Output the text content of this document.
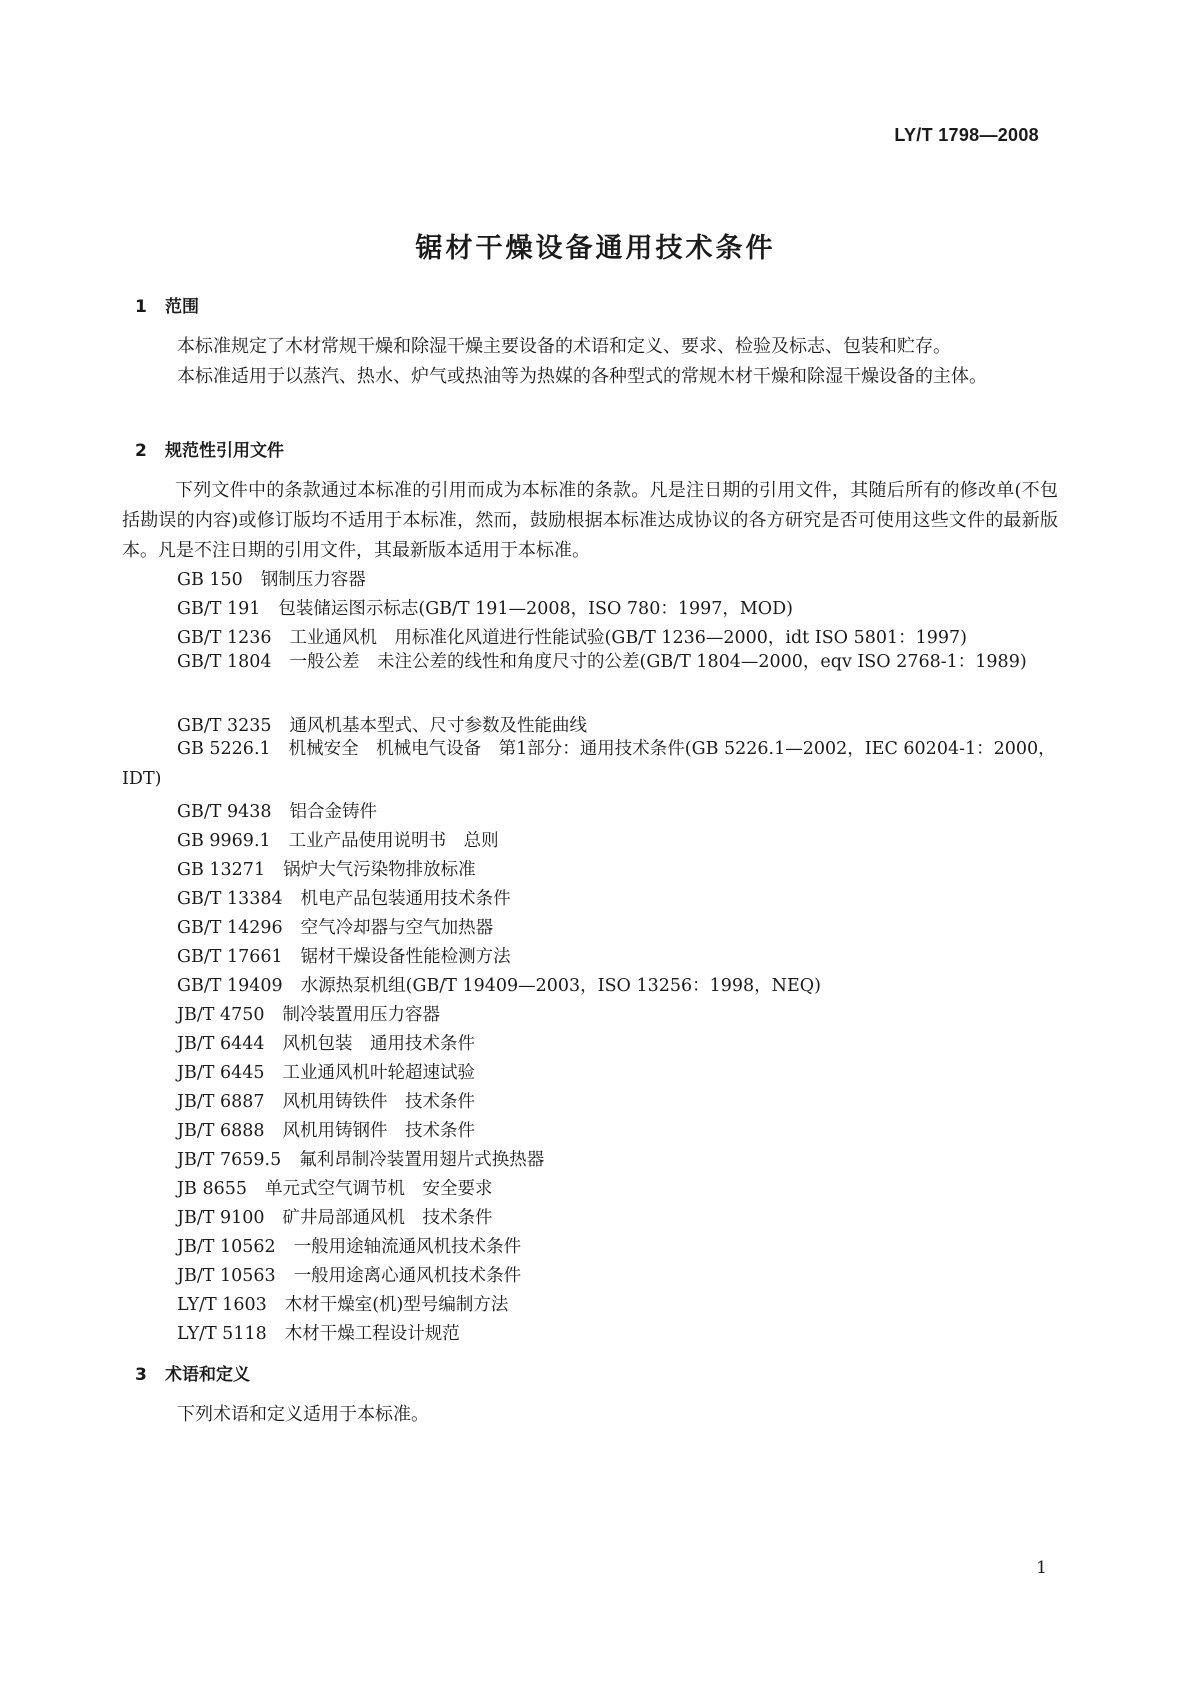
LY/T 1798—2008
锯材干燥设备通用技术条件
1 范围

本标准规定了木材常规干燥和除湿干燥主要设备的术语和定义、要求、检验及标志、包装和贮存。

本标准适用于以蒸汽、热水、炉气或热油等为热媒的各种型式的常规木材干燥和除湿干燥设备的主体。

2 规范性引用文件

下列文件中的条款通过本标准的引用而成为本标准的条款。凡是注日期的引用文件，其随后所有的修改单(不包括勘误的内容)或修订版均不适用于本标准，然而，鼓励根据本标准达成协议的各方研究是否可使用这些文件的最新版本。凡是不注日期的引用文件，其最新版本适用于本标准。

GB 150 钢制压力容器
GB/T 191 包装储运图示标志(GB/T 191—2008，ISO 780：1997，MOD)
GB/T 1236 工业通风机　用标准化风道进行性能试验(GB/T 1236—2000，idt ISO 5801：1997)

GB/T 1804 一般公差　未注公差的线性和角度尺寸的公差(GB/T 1804—2000，eqv ISO 2768-1：1989)

GB/T 3235 通风机基本型式、尺寸参数及性能曲线

GB 5226.1 机械安全　机械电气设备　第1部分：通用技术条件(GB 5226.1—2002，IEC 60204-1：2000，IDT)

GB/T 9438 铝合金铸件
GB 9969.1 工业产品使用说明书　总则
GB 13271 锅炉大气污染物排放标准
GB/T 13384 机电产品包装通用技术条件
GB/T 14296 空气冷却器与空气加热器
GB/T 17661 锯材干燥设备性能检测方法
GB/T 19409 水源热泵机组(GB/T 19409—2003，ISO 13256：1998，NEQ)
JB/T 4750 制冷装置用压力容器
JB/T 6444 风机包装　通用技术条件
JB/T 6445 工业通风机叶轮超速试验
JB/T 6887 风机用铸铁件　技术条件
JB/T 6888 风机用铸钢件　技术条件
JB/T 7659.5 氟利昂制冷装置用翅片式换热器
JB 8655 单元式空气调节机　安全要求
JB/T 9100 矿井局部通风机　技术条件
JB/T 10562 一般用途轴流通风机技术条件
JB/T 10563 一般用途离心通风机技术条件
LY/T 1603 木材干燥室(机)型号编制方法
LY/T 5118 木材干燥工程设计规范
3 术语和定义

下列术语和定义适用于本标准。

1
